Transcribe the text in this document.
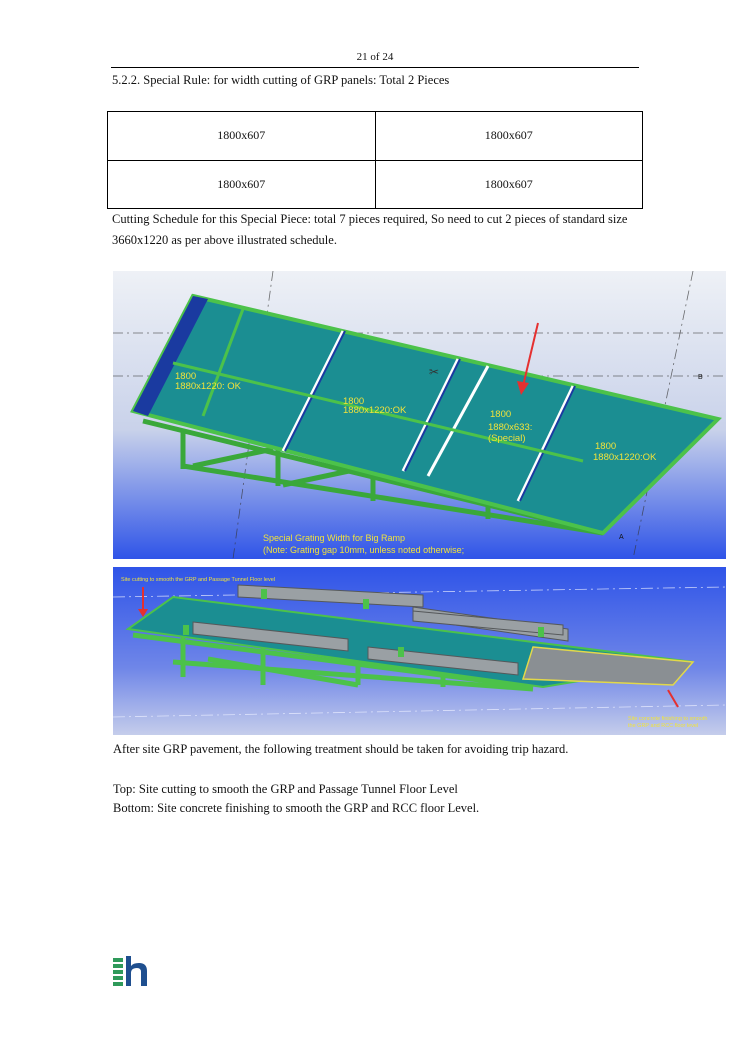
21 of 24
5.2.2. Special Rule: for width cutting of GRP panels: Total 2 Pieces
1800x607	1800x607
1800x607	1800x607
Cutting Schedule for this Special Piece: total 7 pieces required, So need to cut 2 pieces of standard size 3660x1220 as per above illustrated schedule.
1800
1880x1220: OK
1800
1880x1220:OK	1800
1880x633:
(Special)
1800
1880x1220:OK
Special Grating Width for Big Ramp
(Note: Grating gap 10mm, unless noted otherwise;
B
A
✂
Site cutting to smooth the GRP and Passage Tunnel Floor level
Site concrete finishing to smooth
the GRP and RCC floor level
After site GRP pavement, the following treatment should be taken for avoiding trip hazard.
Top: Site cutting to smooth the GRP and Passage Tunnel Floor Level
Bottom: Site concrete finishing to smooth the GRP and RCC floor Level.
